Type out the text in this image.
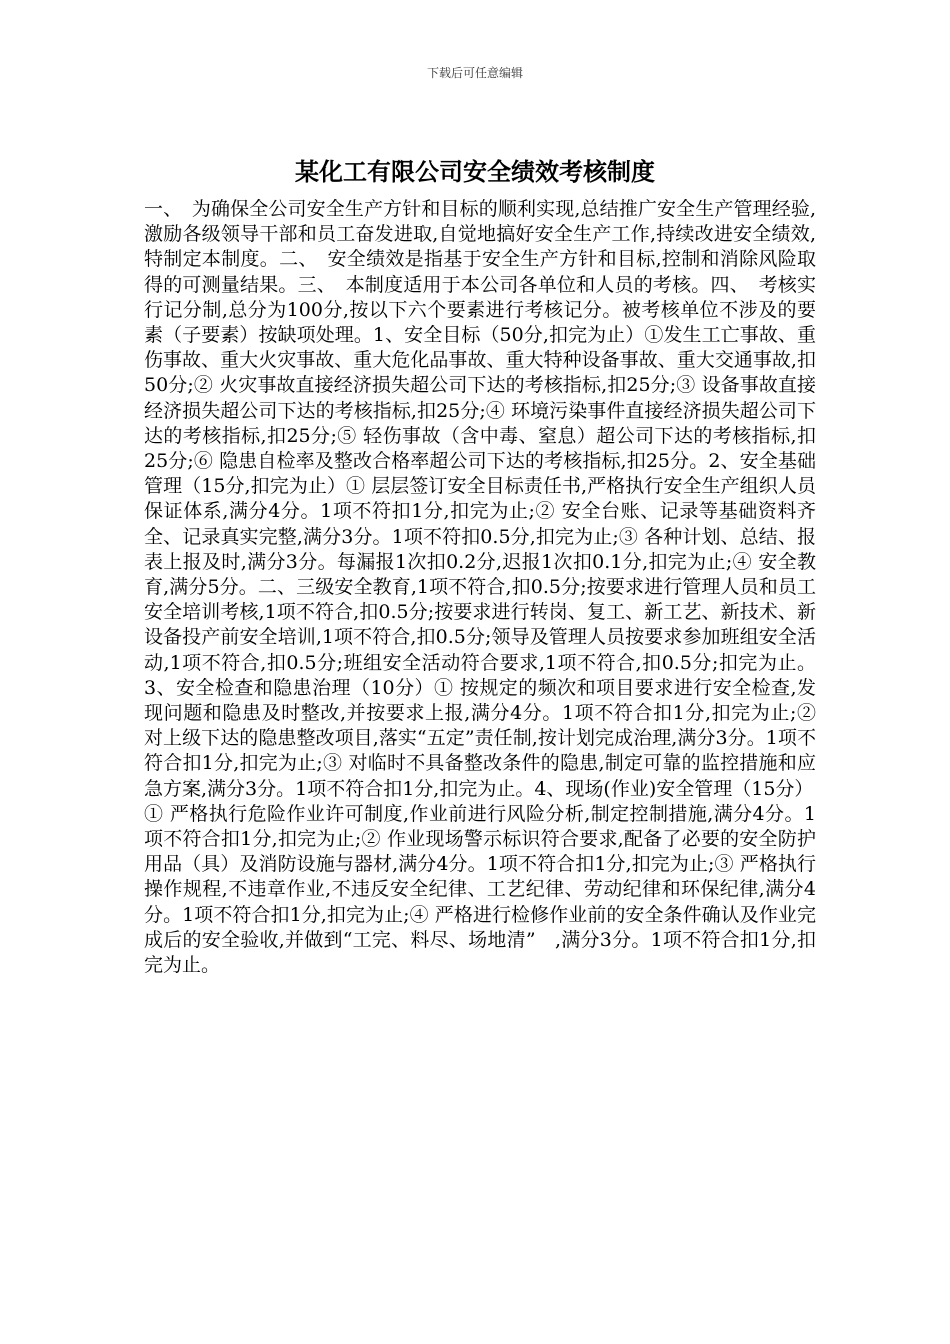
下载后可任意编辑
某化工有限公司安全绩效考核制度

一、　为确保全公司安全生产方针和目标的顺利实现,总结推广安全生产管理经验,激励各级领导干部和员工奋发进取,自觉地搞好安全生产工作,持续改进安全绩效,特制定本制度。二、　安全绩效是指基于安全生产方针和目标,控制和消除风险取得的可测量结果。三、　本制度适用于本公司各单位和人员的考核。四、　考核实行记分制,总分为100分,按以下六个要素进行考核记分。被考核单位不涉及的要素（子要素）按缺项处理。1、安全目标（50分,扣完为止）①发生工亡事故、重伤事故、重大火灾事故、重大危化品事故、重大特种设备事故、重大交通事故,扣50分;② 火灾事故直接经济损失超公司下达的考核指标,扣25分;③ 设备事故直接经济损失超公司下达的考核指标,扣25分;④ 环境污染事件直接经济损失超公司下达的考核指标,扣25分;⑤ 轻伤事故（含中毒、窒息）超公司下达的考核指标,扣25分;⑥ 隐患自检率及整改合格率超公司下达的考核指标,扣25分。2、安全基础管理（15分,扣完为止）① 层层签订安全目标责任书,严格执行安全生产组织人员保证体系,满分4分。1项不符扣1分,扣完为止;② 安全台账、记录等基础资料齐全、记录真实完整,满分3分。1项不符扣0.5分,扣完为止;③ 各种计划、总结、报表上报及时,满分3分。每漏报1次扣0.2分,迟报1次扣0.1分,扣完为止;④ 安全教育,满分5分。二、三级安全教育,1项不符合,扣0.5分;按要求进行管理人员和员工安全培训考核,1项不符合,扣0.5分;按要求进行转岗、复工、新工艺、新技术、新设备投产前安全培训,1项不符合,扣0.5分;领导及管理人员按要求参加班组安全活动,1项不符合,扣0.5分;班组安全活动符合要求,1项不符合,扣0.5分;扣完为止。3、安全检查和隐患治理（10分）① 按规定的频次和项目要求进行安全检查,发现问题和隐患及时整改,并按要求上报,满分4分。1项不符合扣1分,扣完为止;② 对上级下达的隐患整改项目,落实“五定”责任制,按计划完成治理,满分3分。1项不符合扣1分,扣完为止;③ 对临时不具备整改条件的隐患,制定可靠的监控措施和应急方案,满分3分。1项不符合扣1分,扣完为止。4、现场(作业)安全管理（15分）

① 严格执行危险作业许可制度,作业前进行风险分析,制定控制措施,满分4分。1项不符合扣1分,扣完为止;② 作业现场警示标识符合要求,配备了必要的安全防护用品（具）及消防设施与器材,满分4分。1项不符合扣1分,扣完为止;③ 严格执行操作规程,不违章作业,不违反安全纪律、工艺纪律、劳动纪律和环保纪律,满分4分。1项不符合扣1分,扣完为止;④ 严格进行检修作业前的安全条件确认及作业完成后的安全验收,并做到“工完、料尽、场地清”　,满分3分。1项不符合扣1分,扣完为止。
